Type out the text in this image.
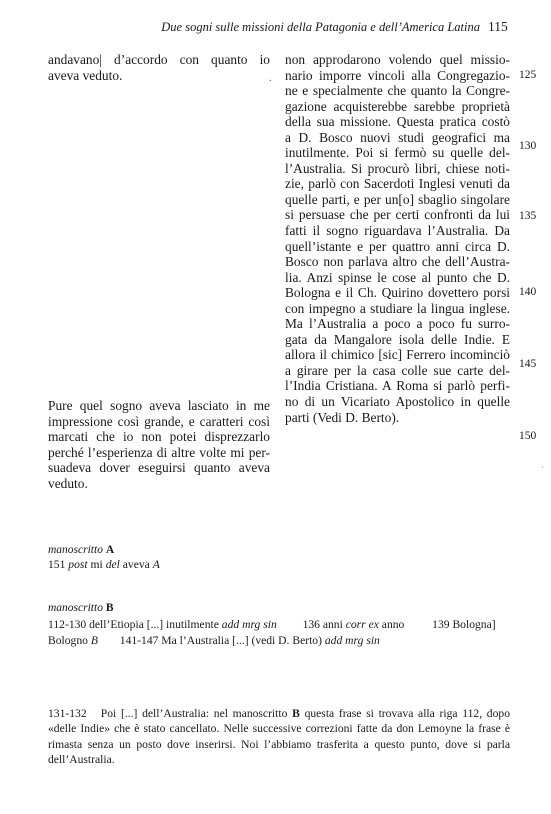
Due sogni sulle missioni della Patagonia e dell’America Latina 115
andavano| d’accordo con quanto io
aveva veduto.	.
Pure quel sogno aveva lasciato in me
impressione così grande, e caratteri così
marcati che io non potei disprezzarlo
perché l’esperienza di altre volte mi per-
suadeva dover eseguirsi quanto aveva
veduto.
non approdarono volendo quel missio-
nario imporre vincoli alla Congregazio-
ne e specialmente che quanto la Congre-
gazione acquisterebbe sarebbe proprietà
della sua missione. Questa pratica costò
a D. Bosco nuovi studi geografici ma
inutilmente. Poi si fermò su quelle del-
l’Australia. Si procurò libri, chiese noti-
zie, parlò con Sacerdoti Inglesi venuti da
quelle parti, e per un[o] sbaglio singolare
si persuase che per certi confronti da lui
fatti il sogno riguardava l’Australia. Da
quell’istante e per quattro anni circa D.
Bosco non parlava altro che dell’Austra-
lia. Anzi spinse le cose al punto che D.
Bologna e il Ch. Quirino dovettero porsi
con impegno a studiare la lingua inglese.
Ma l’Australia a poco a poco fu surro-
gata da Mangalore isola delle Indie. E
allora il chimico [sic] Ferrero incominciò
a girare per la casa colle sue carte del-
l’India Cristiana. A Roma si parlò perfi-
no di un Vicariato Apostolico in quelle
parti (Vedi D. Berto).
125
130
135
140
145
150
`
manoscritto A
151 post mi del aveva A
manoscritto B
112-130 dell’Etiopia [...] inutilmente add mrg sin 136 anni corr ex anno 139 Bologna]
Bologno B 141-147 Ma l’Australia [...] (vedi D. Berto) add mrg sin
131-132 Poi [...] dell’Australia: nel manoscritto B questa frase si trovava alla riga 112, dopo «delle Indie» che è stato cancellato. Nelle successive correzioni fatte da don Lemoyne la frase è rimasta senza un posto dove inserirsi. Noi l’abbiamo trasferita a questo punto, dove si parla dell’Australia.
